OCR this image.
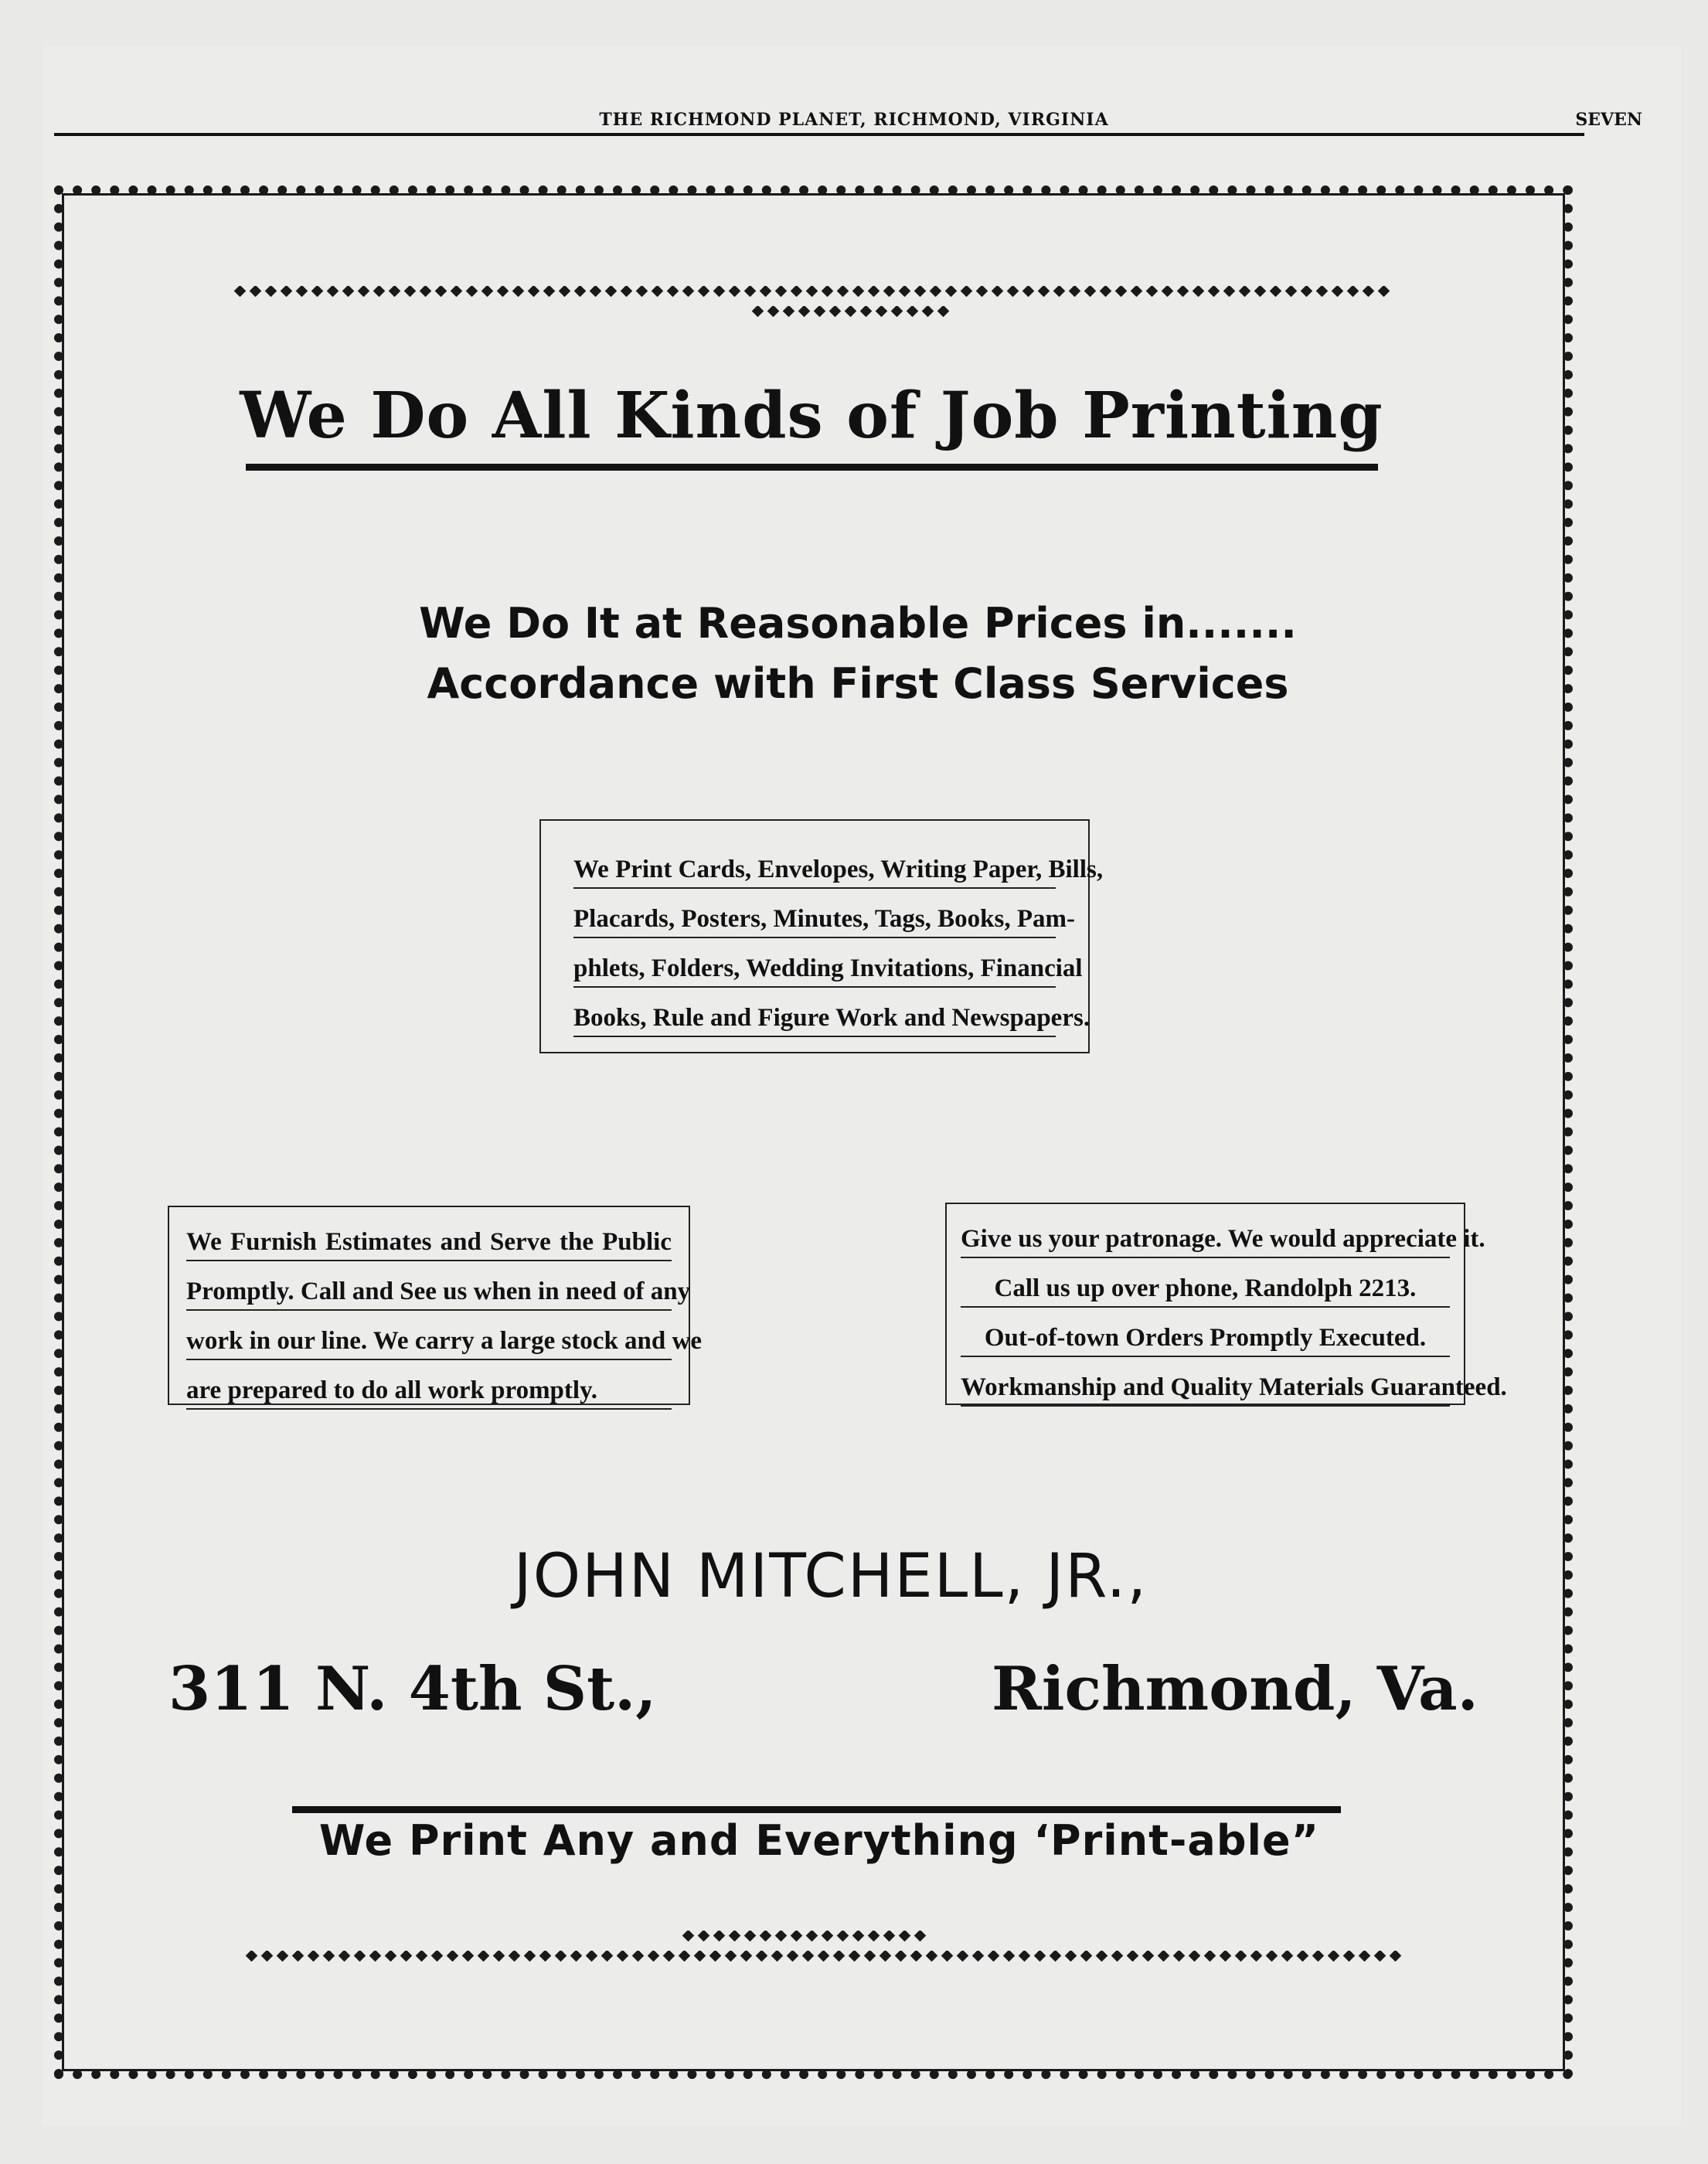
THE RICHMOND PLANET, RICHMOND, VIRGINIA	SEVEN
We Do All Kinds of Job Printing
We Do It at Reasonable Prices in.......
Accordance with First Class Services
We Print Cards, Envelopes, Writing Paper, Bills,
Placards, Posters, Minutes, Tags, Books, Pam-
phlets, Folders, Wedding Invitations, Financial
Books, Rule and Figure Work and Newspapers.
We Furnish Estimates and Serve the Public
Promptly. Call and See us when in need of any
work in our line. We carry a large stock and we
are prepared to do all work promptly.
Give us your patronage. We would appreciate it.
Call us up over phone, Randolph 2213.
Out-of-town Orders Promptly Executed.
Workmanship and Quality Materials Guaranteed.
JOHN MITCHELL, JR.,
311 N. 4th St.,	Richmond, Va.
We Print Any and Everything ‘Print-able”
